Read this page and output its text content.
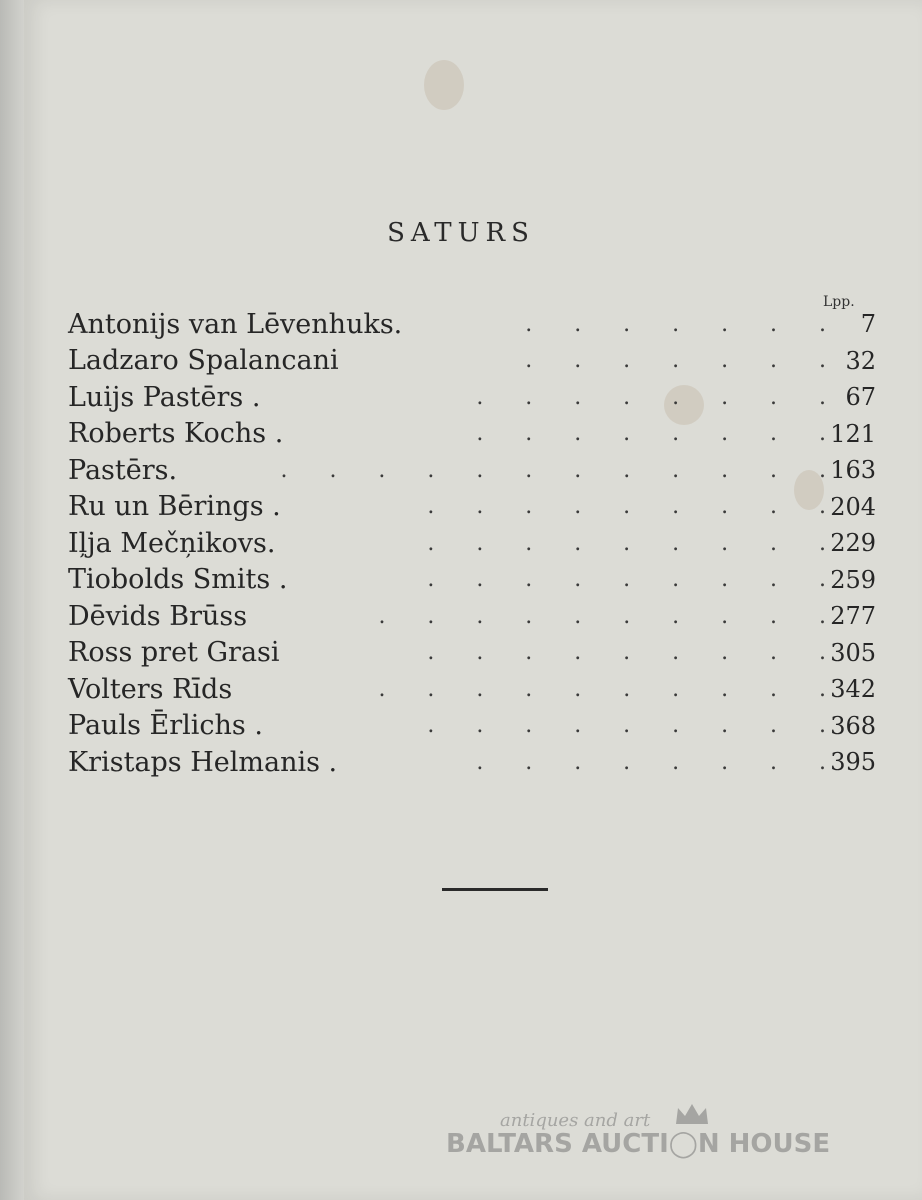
SATURS
Lpp.
Antonijs van Lēvenhuks.	.      .      .      .      .      .      .	7
Ladzaro Spalancani	.      .      .      .      .      .      . 32
Luijs Pastērs .	.      .      .      .      .      .      .      . 67
Roberts Kochs .	.      .      .      .      .      .      .      . 121
Pastērs.	.      .      .      .      .      .      .      .      .      .      .      . 163
Ru un Bērings .	.      .      .      .      .      .      .      .      . 204
Iļja Mečņikovs.	.      .      .      .      .      .      .      .      . 229
Tiobolds Smits .	.      .      .      .      .      .      .      .      . 259
Dēvids Brūss	.      .      .      .      .      .      .      .      .      . 277
Ross pret Grasi	.      .      .      .      .      .      .      .      . 305
Volters Rīds	.      .      .      .      .      .      .      .      .      . 342
Pauls Ērlichs .	.      .      .      .      .      .      .      .      . 368
Kristaps Helmanis .	.      .      .      .      .      .      .      . 395
antiques and art
BALTARS AUCTI◯N HOUSE
